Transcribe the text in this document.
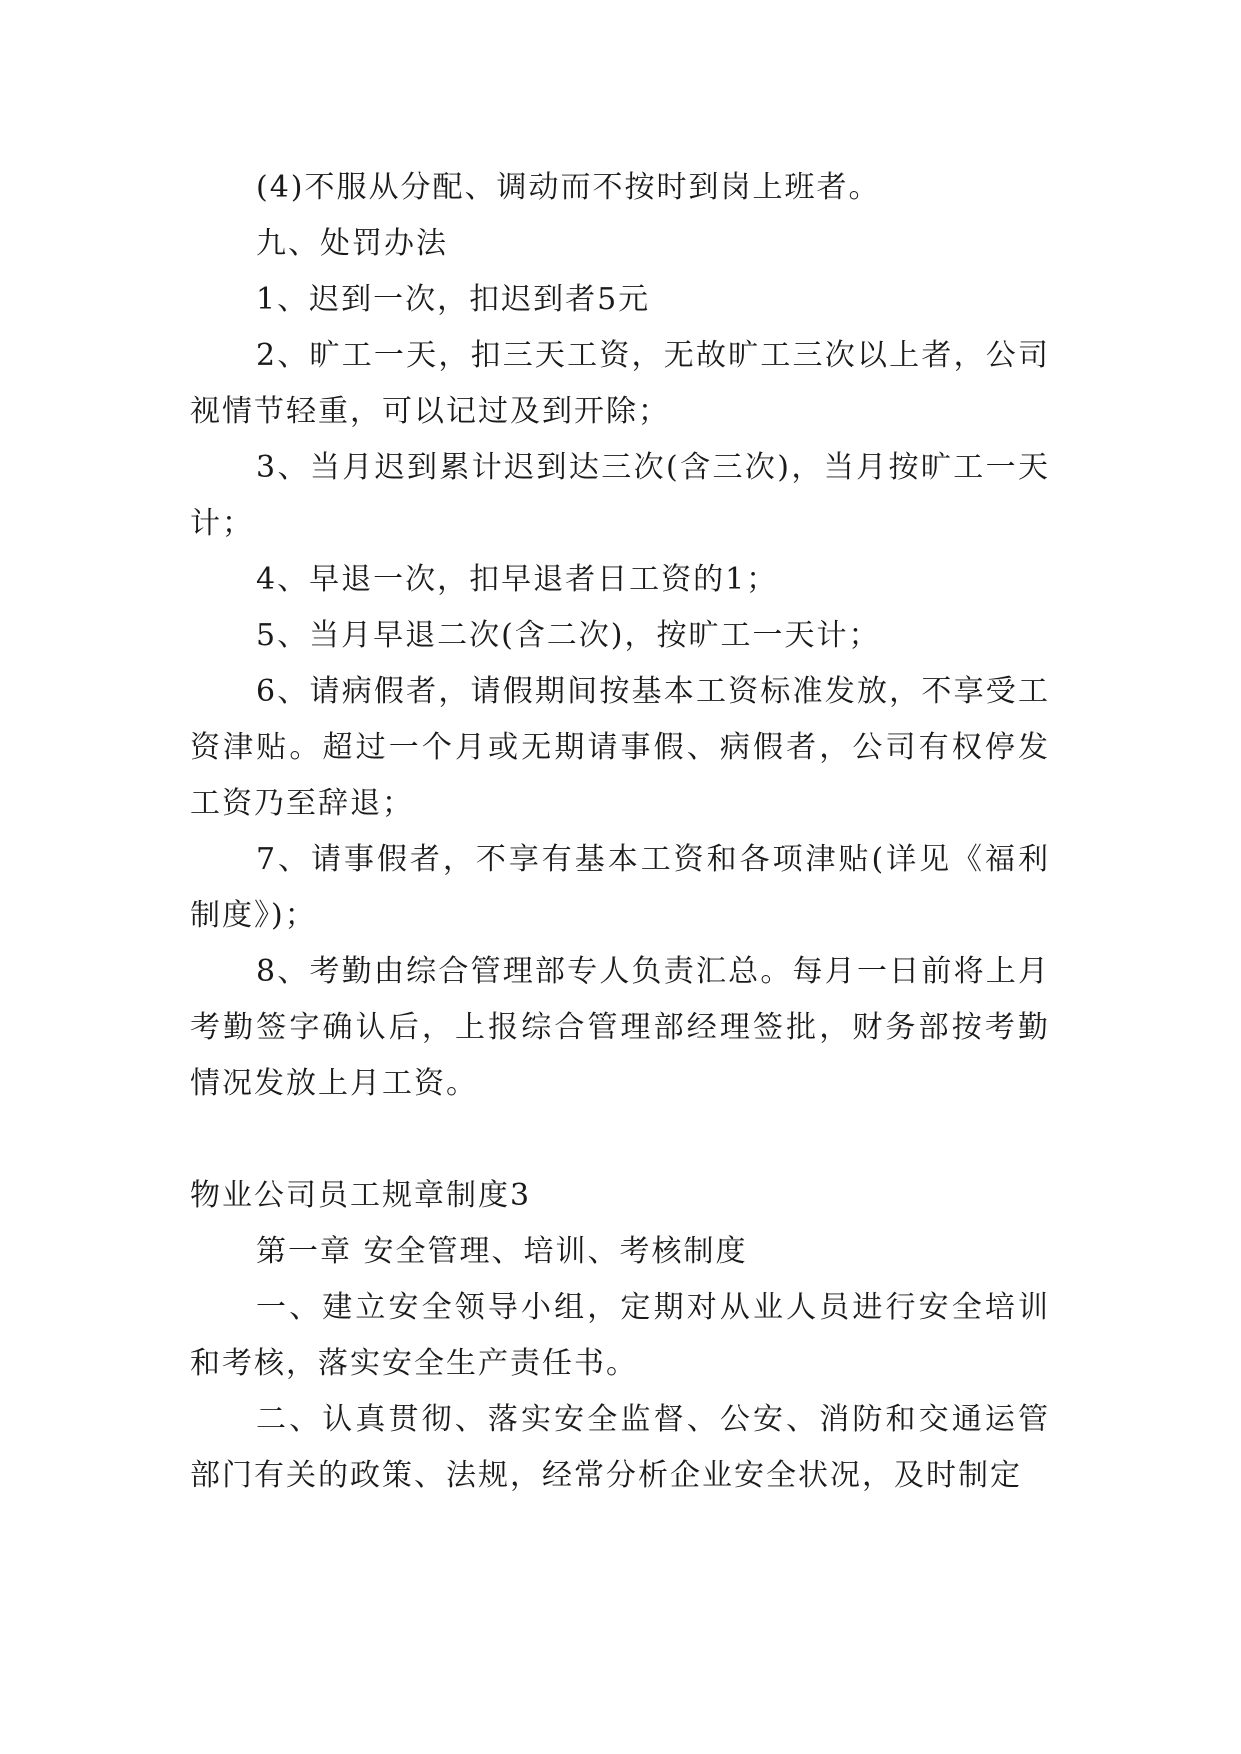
(4)不服从分配、调动而不按时到岗上班者。

九、处罚办法

1、迟到一次，扣迟到者5元

2、旷工一天，扣三天工资，无故旷工三次以上者，公司视情节轻重，可以记过及到开除；

3、当月迟到累计迟到达三次(含三次)，当月按旷工一天计；

4、早退一次，扣早退者日工资的1；

5、当月早退二次(含二次)，按旷工一天计；

6、请病假者，请假期间按基本工资标准发放，不享受工资津贴。超过一个月或无期请事假、病假者，公司有权停发工资乃至辞退；

7、请事假者，不享有基本工资和各项津贴(详见《福利制度》)；

8、考勤由综合管理部专人负责汇总。每月一日前将上月考勤签字确认后，上报综合管理部经理签批，财务部按考勤情况发放上月工资。

物业公司员工规章制度3

第一章 安全管理、培训、考核制度

一、建立安全领导小组，定期对从业人员进行安全培训和考核，落实安全生产责任书。

二、认真贯彻、落实安全监督、公安、消防和交通运管部门有关的政策、法规，经常分析企业安全状况，及时制定
